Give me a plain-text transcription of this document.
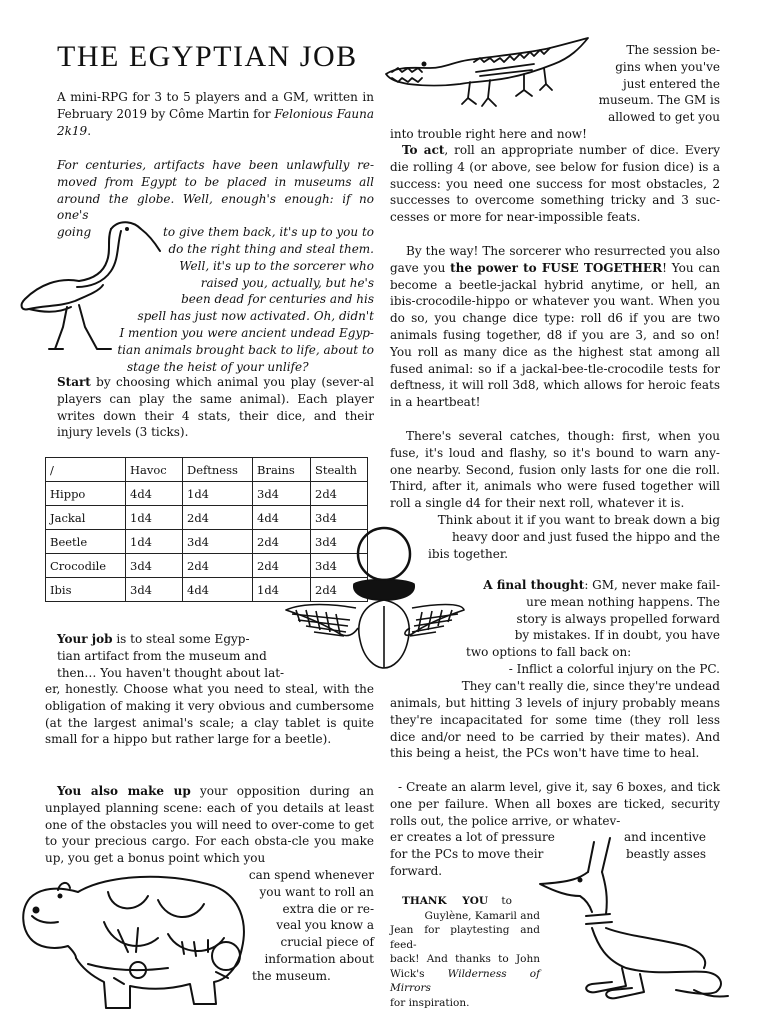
THE EGYPTIAN JOB

A mini-RPG for 3 to 5 players and a GM, written in February 2019 by Côme Martin for Felonious Fauna 2k19.

For centuries, artifacts have been unlawfully re-
moved from Egypt to be placed in museums all
around the globe. Well, enough's enough: if no one's
going	to give them back, it's up to you to
do the right thing and steal them.
Well, it's up to the sorcerer who
raised you, actually, but he's
been dead for centuries and his
spell has just now activated. Oh, didn't
I mention you were ancient undead Egyp-
tian animals brought back to life, about to
stage the heist of your unlife?

Start by choosing which animal you play (sever-al players can play the same animal). Each player writes down their 4 stats, their dice, and their injury levels (3 ticks).

/	Havoc	Deftness	Brains	Stealth
Hippo	4d4	1d4	3d4	2d4
Jackal	1d4	2d4	4d4	3d4
Beetle	1d4	3d4	2d4	3d4
Crocodile	3d4	2d4	2d4	3d4
Ibis	3d4	4d4	1d4	2d4
Your job is to steal some Egyp-
tian artifact from the museum and
then… You haven't thought about lat-

er, honestly. Choose what you need to steal, with the obligation of making it very obvious and cumbersome (at the largest animal's scale; a clay tablet is quite small for a hippo but rather large for a beetle).

You also make up your opposition during an unplayed planning scene: each of you details at least one of the obstacles you will need to over-come to get to your precious cargo. For each obsta-cle you make up, you get a bonus point which you

can spend whenever
you want to roll an
extra die or re-
veal you know a
crucial piece of
information about
the museum.
The session be-
gins when you've
just entered the
museum. The GM is
allowed to get you
into trouble right here and now!

To act, roll an appropriate number of dice. Every die rolling 4 (or above, see below for fusion dice) is a success: you need one success for most obstacles, 2 successes to overcome something tricky and 3 suc-cesses or more for near-impossible feats.

By the way! The sorcerer who resurrected you also gave you the power to FUSE TOGETHER! You can become a beetle-jackal hybrid anytime, or hell, an ibis-crocodile-hippo or whatever you want. When you do so, you change dice type: roll d6 if you are two animals fusing together, d8 if you are 3, and so on! You roll as many dice as the highest stat among all fused animal: so if a jackal-bee-tle-crocodile tests for deftness, it will roll 3d8, which allows for heroic feats in a heartbeat!

There's several catches, though: first, when you fuse, it's loud and flashy, so it's bound to warn any-one nearby. Second, fusion only lasts for one die roll. Third, after it, animals who were fused together will roll a single d4 for their next roll, whatever it is.

Think about it if you want to break down a big
heavy door and just fused the hippo and the
ibis together.
A final thought: GM, never make fail-
ure mean nothing happens. The
story is always propelled forward
by mistakes. If in doubt, you have
two options to fall back on:
- Inflict a colorful injury on the PC.
They can't really die, since they're undead

animals, but hitting 3 levels of injury probably means they're incapacitated for some time (they roll less dice and/or need to be carried by their mates). And this being a heist, the PCs won't have time to heal.

- Create an alarm level, give it, say 6 boxes, and tick one per failure. When all boxes are ticked, security rolls out, the police arrive, or whatev-

er creates a lot of pressure	and incentive
for the PCs to move their	beastly asses
forward.
THANK YOU to
Guylène, Kamaril and
Jean for playtesting and feed-
back! And thanks to John
Wick's Wilderness of Mirrors
for inspiration.
